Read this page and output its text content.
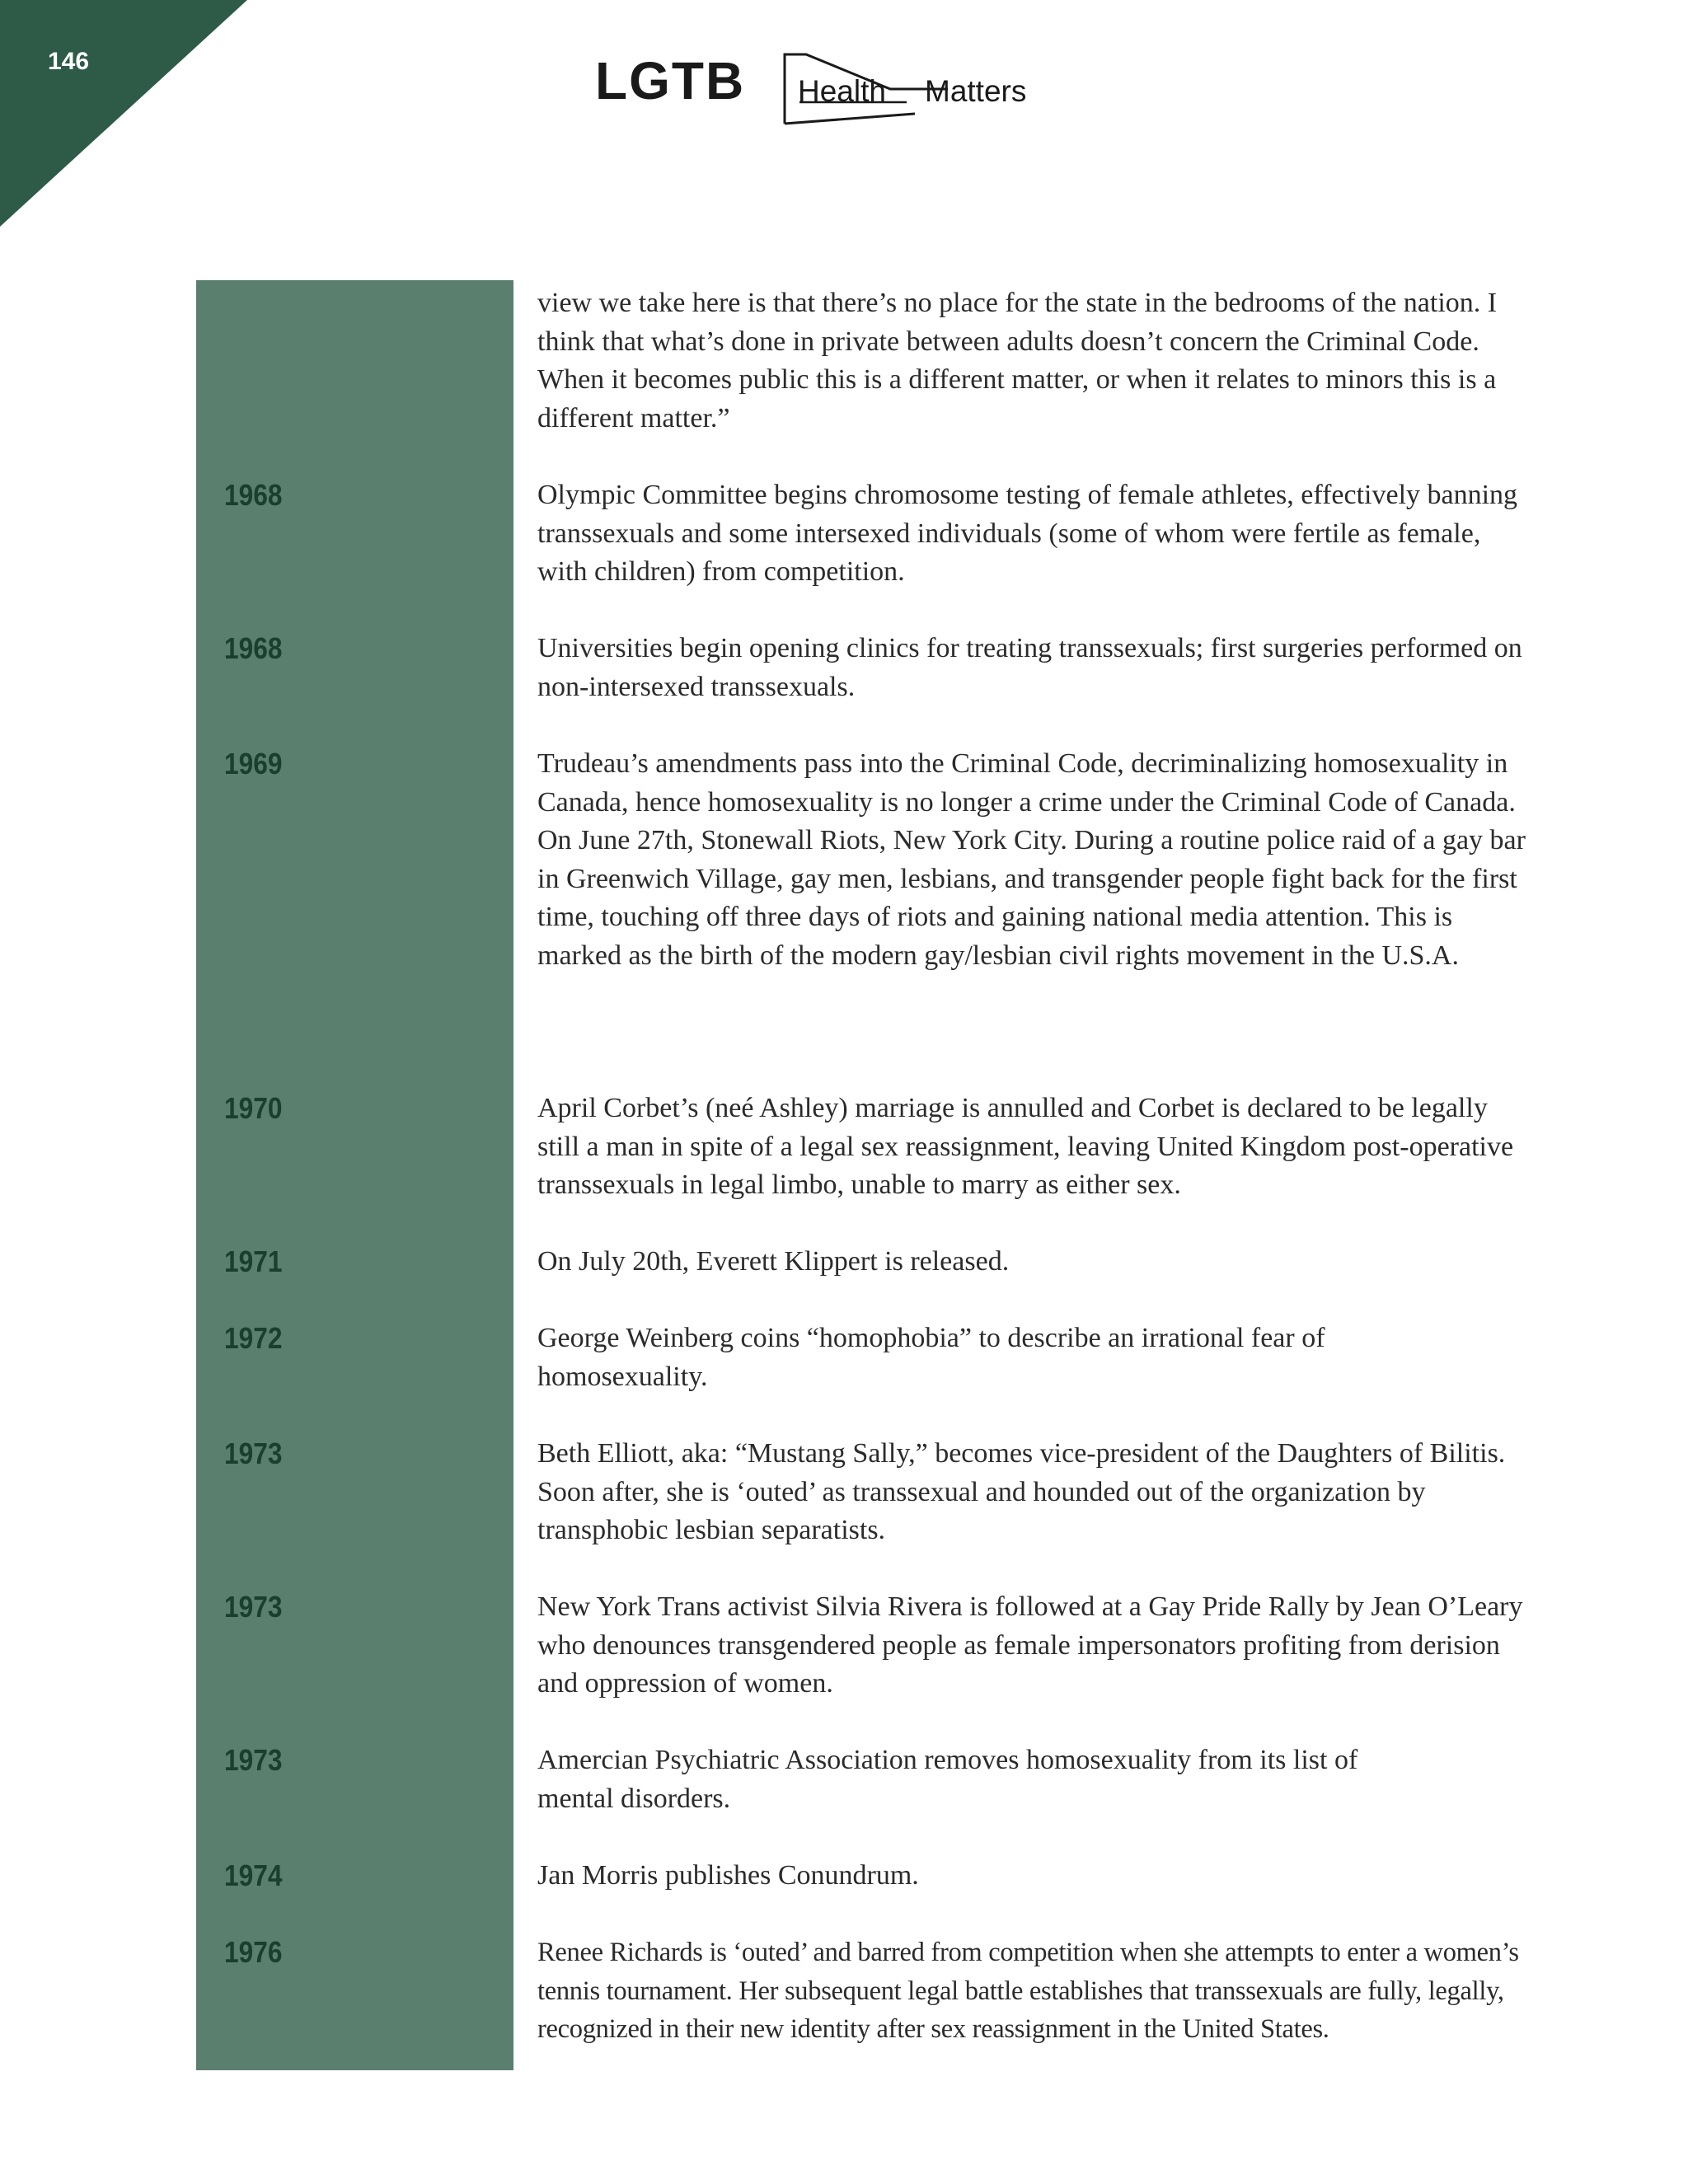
146	LGTB Health Matters

view we take here is that there’s no place for the state in the bedrooms of the nation. I think that what’s done in private between adults doesn’t concern the Criminal Code. When it becomes public this is a different matter, or when it relates to minors this is a different matter.”

1968	Olympic Committee begins chromosome testing of female athletes, effectively banning transsexuals and some intersexed individuals (some of whom were fertile as female, with children) from competition.

1968	Universities begin opening clinics for treating transsexuals; first surgeries performed on non-intersexed transsexuals.

1969	Trudeau’s amendments pass into the Criminal Code, decriminalizing homosexuality in Canada, hence homosexuality is no longer a crime under the Criminal Code of Canada.

On June 27th, Stonewall Riots, New York City. During a routine police raid of a gay bar in Greenwich Village, gay men, lesbians, and transgender people fight back for the first time, touching off three days of riots and gaining national media attention. This is marked as the birth of the modern gay/lesbian civil rights movement in the U.S.A.

1970	April Corbet’s (neé Ashley) marriage is annulled and Corbet is declared to be legally still a man in spite of a legal sex reassignment, leaving United Kingdom post-operative transsexuals in legal limbo, unable to marry as either sex.

1971	On July 20th, Everett Klippert is released.

1972	George Weinberg coins “homophobia” to describe an irrational fear of homosexuality.

1973	Beth Elliott, aka: “Mustang Sally,” becomes vice-president of the Daughters of Bilitis. Soon after, she is ‘outed’ as transsexual and hounded out of the organization by transphobic lesbian separatists.

1973	New York Trans activist Silvia Rivera is followed at a Gay Pride Rally by Jean O’Leary who denounces transgendered people as female impersonators profiting from derision and oppression of women.

1973	Amercian Psychiatric Association removes homosexuality from its list of mental disorders.

1974	Jan Morris publishes Conundrum.

1976	Renee Richards is ‘outed’ and barred from competition when she attempts to enter a women’s tennis tournament. Her subsequent legal battle establishes that transsexuals are fully, legally, recognized in their new identity after sex reassignment in the United States.
